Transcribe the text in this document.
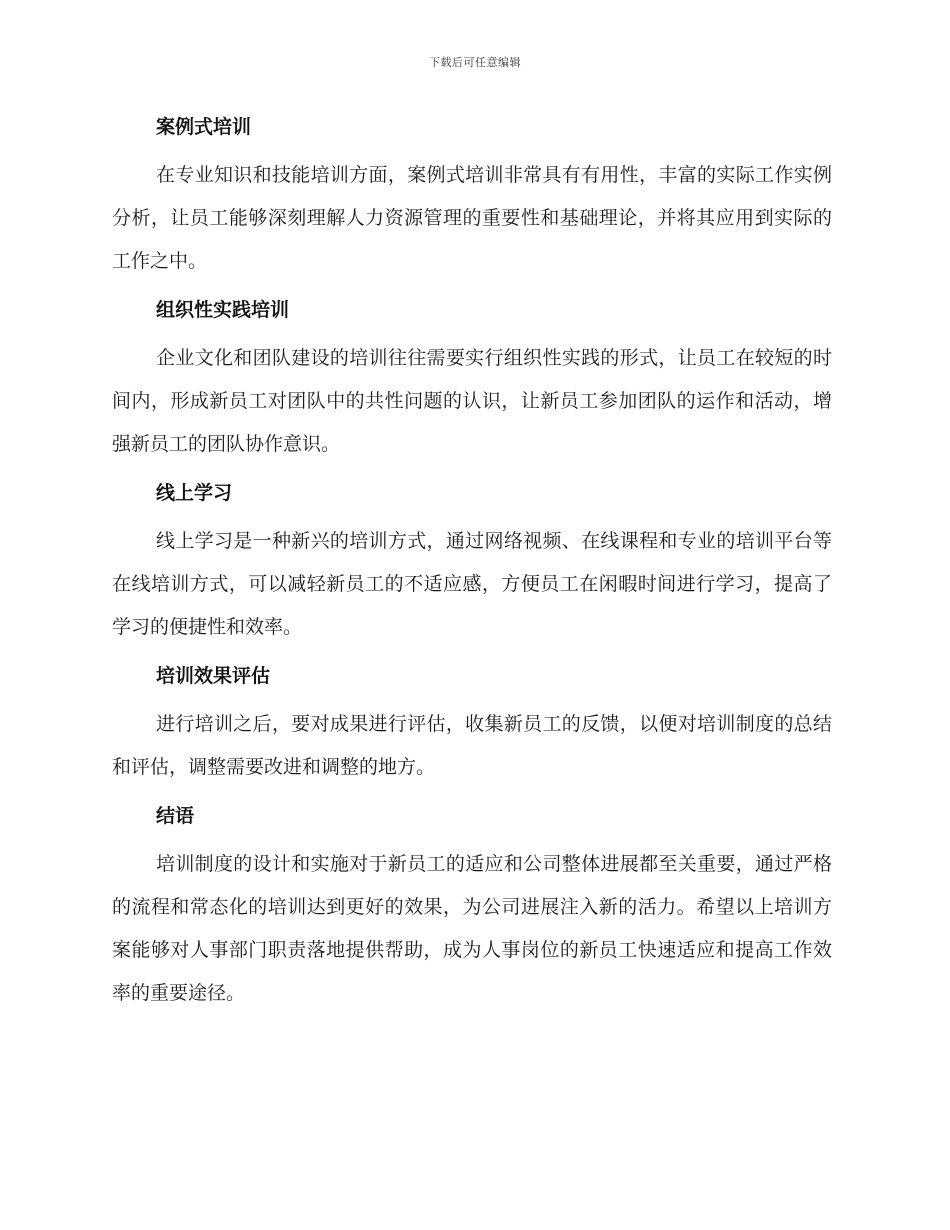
下载后可任意编辑
案例式培训

在专业知识和技能培训方面，案例式培训非常具有有用性，丰富的实际工作实例分析，让员工能够深刻理解人力资源管理的重要性和基础理论，并将其应用到实际的工作之中。

组织性实践培训

企业文化和团队建设的培训往往需要实行组织性实践的形式，让员工在较短的时间内，形成新员工对团队中的共性问题的认识，让新员工参加团队的运作和活动，增强新员工的团队协作意识。

线上学习

线上学习是一种新兴的培训方式，通过网络视频、在线课程和专业的培训平台等在线培训方式，可以减轻新员工的不适应感，方便员工在闲暇时间进行学习，提高了学习的便捷性和效率。

培训效果评估

进行培训之后，要对成果进行评估，收集新员工的反馈，以便对培训制度的总结和评估，调整需要改进和调整的地方。

结语

培训制度的设计和实施对于新员工的适应和公司整体进展都至关重要，通过严格的流程和常态化的培训达到更好的效果，为公司进展注入新的活力。希望以上培训方案能够对人事部门职责落地提供帮助，成为人事岗位的新员工快速适应和提高工作效率的重要途径。
